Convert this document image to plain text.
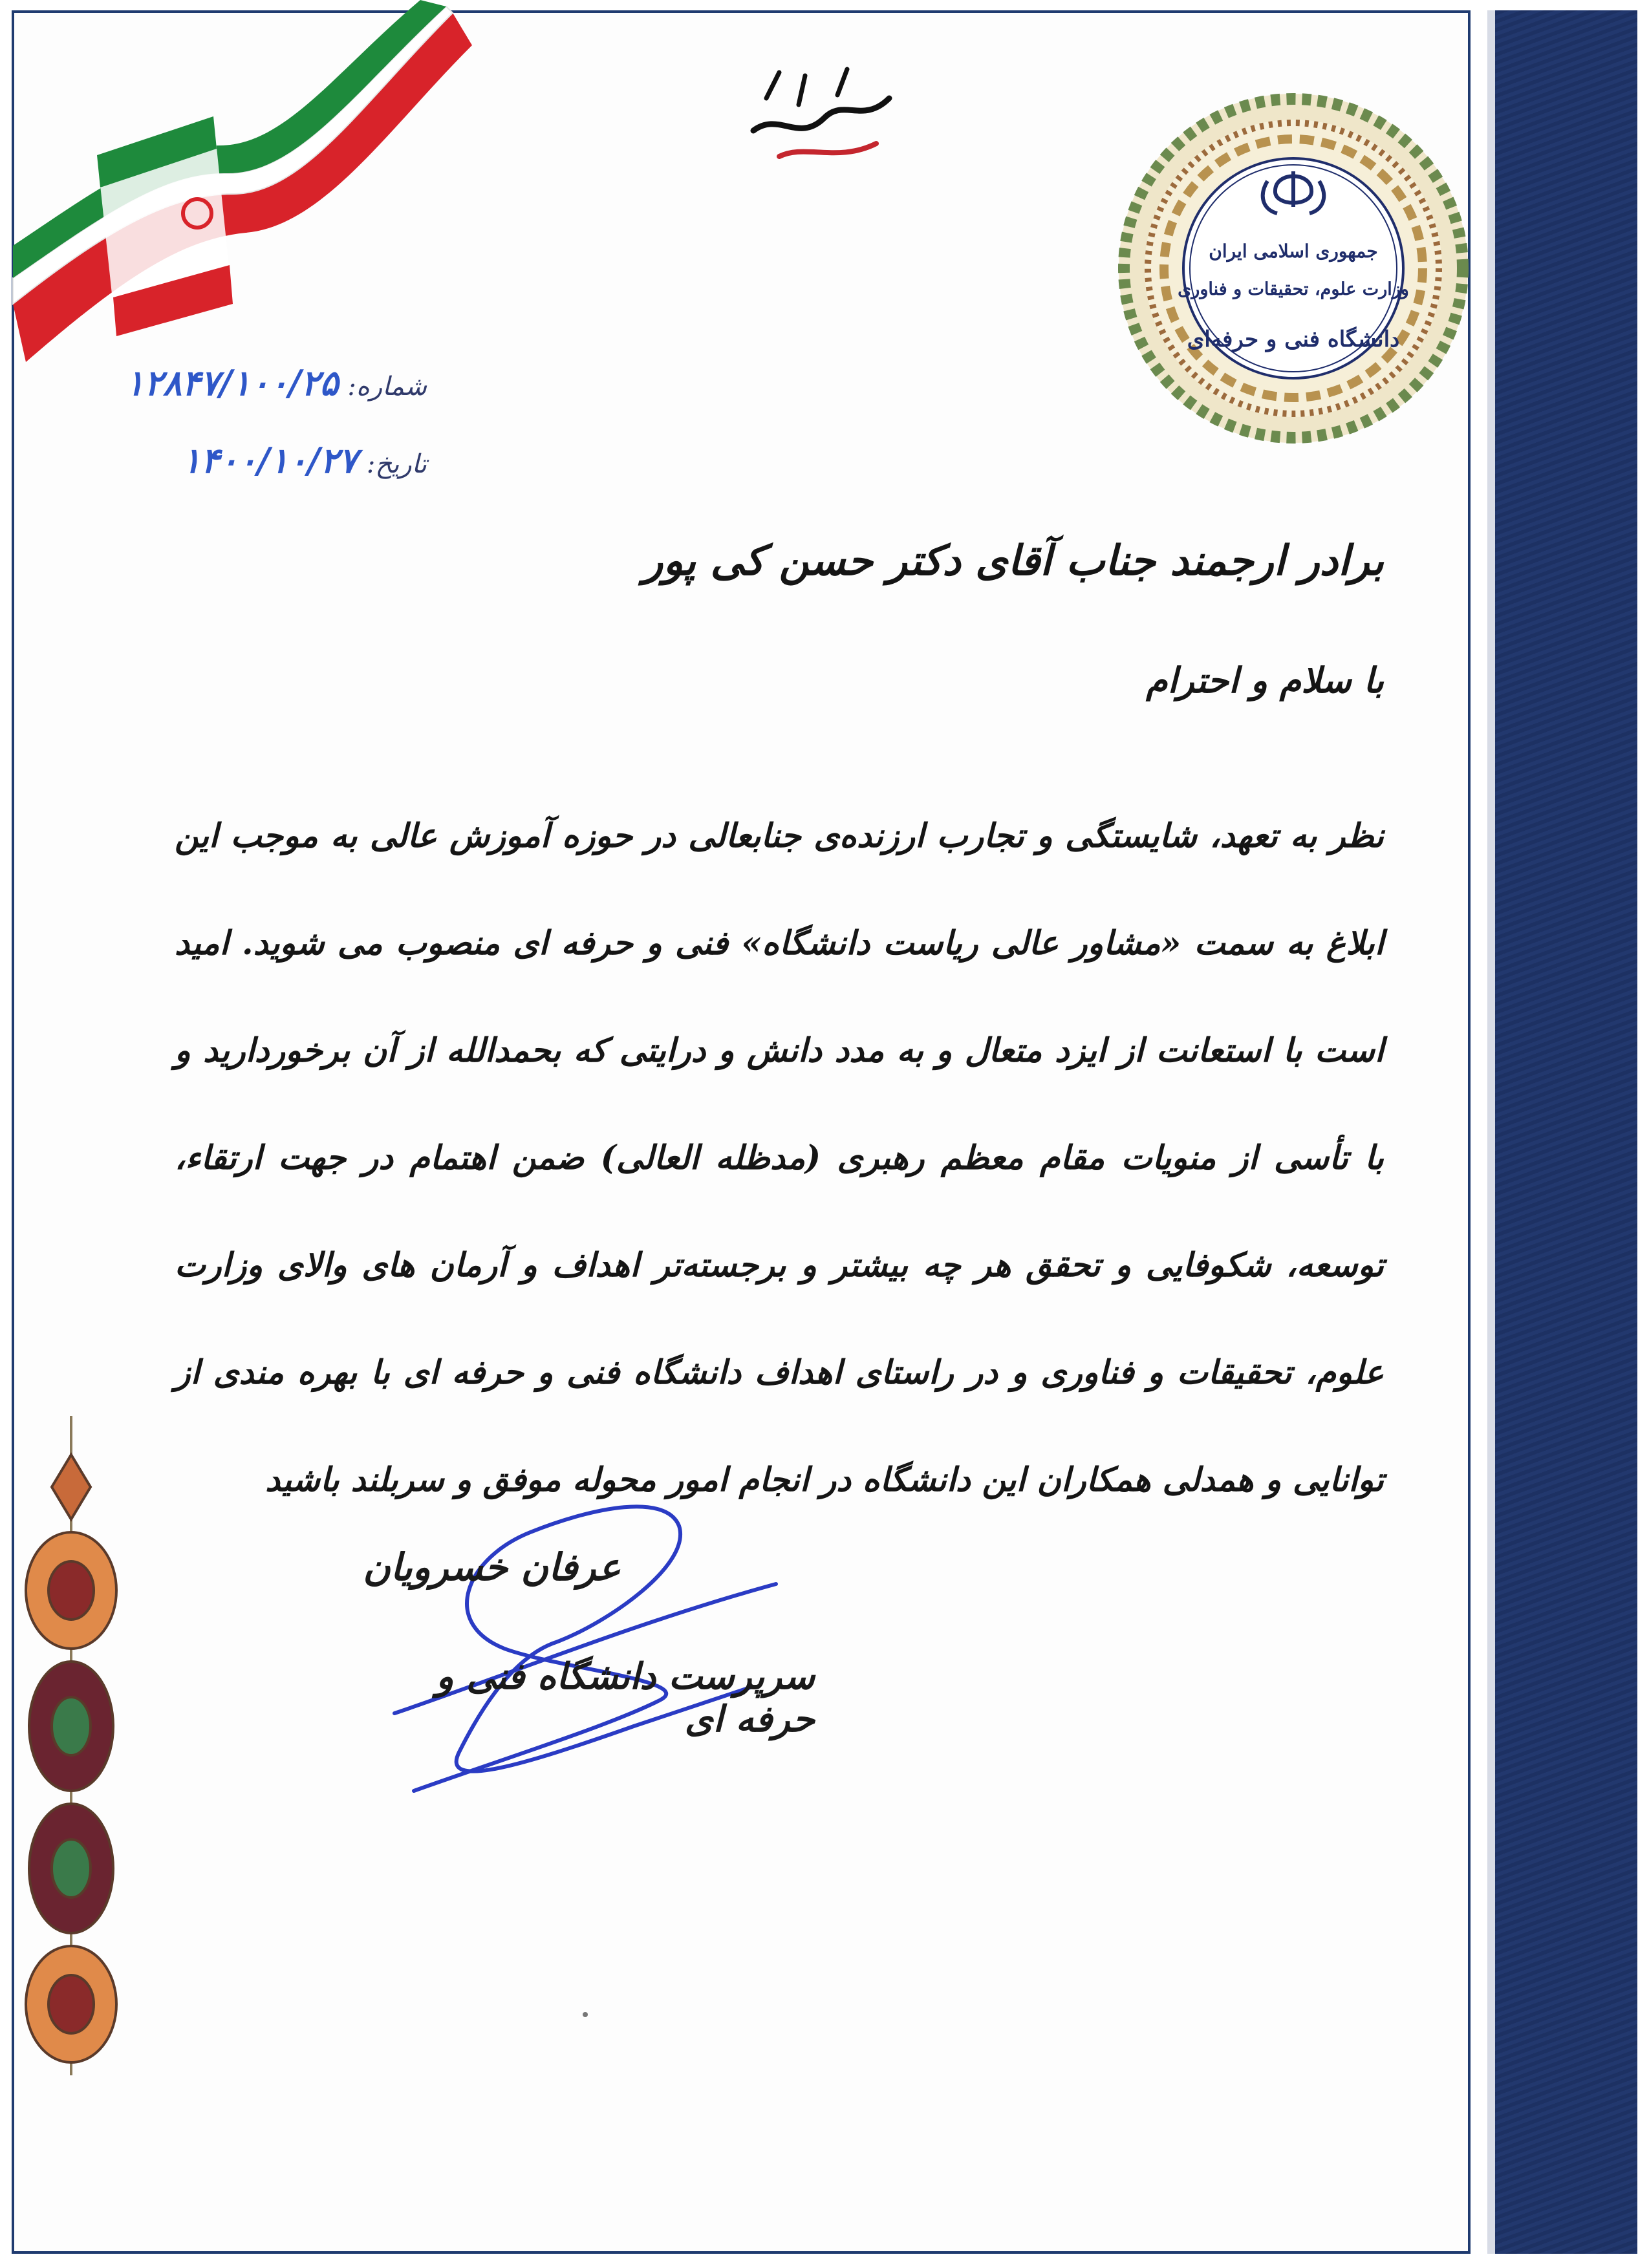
بسم الله الرحمن الرحیم
جمهوری اسلامی ایران
وزارت علوم، تحقیقات و فناوری
دانشگاه فنی و حرفه‌ای
شماره:۱۲۸۴۷/۱۰۰/۲۵
تاریخ:۱۴۰۰/۱۰/۲۷
برادر ارجمند جناب آقای دکتر حسن کی پور
با سلام و احترام
نظر به تعهد، شایستگی و تجارب ارزنده‌ی جنابعالی در حوزه آموزش عالی به موجب این ابلاغ به سمت «مشاور عالی ریاست دانشگاه» فنی و حرفه ای منصوب می شوید. امید است با استعانت از ایزد متعال و به مدد دانش و درایتی که بحمدالله از آن برخوردارید و با تأسی از منویات مقام معظم رهبری (مدظله العالی) ضمن اهتمام در جهت ارتقاء، توسعه، شکوفایی و تحقق هر چه بیشتر و برجسته‌تر اهداف و آرمان های والای وزارت علوم، تحقیقات و فناوری و در راستای اهداف دانشگاه فنی و حرفه ای با بهره مندی از توانایی و همدلی همکاران این دانشگاه در انجام امور محوله موفق و سربلند باشید
عرفان خسرویان
سرپرست دانشگاه فنی و حرفه ای
